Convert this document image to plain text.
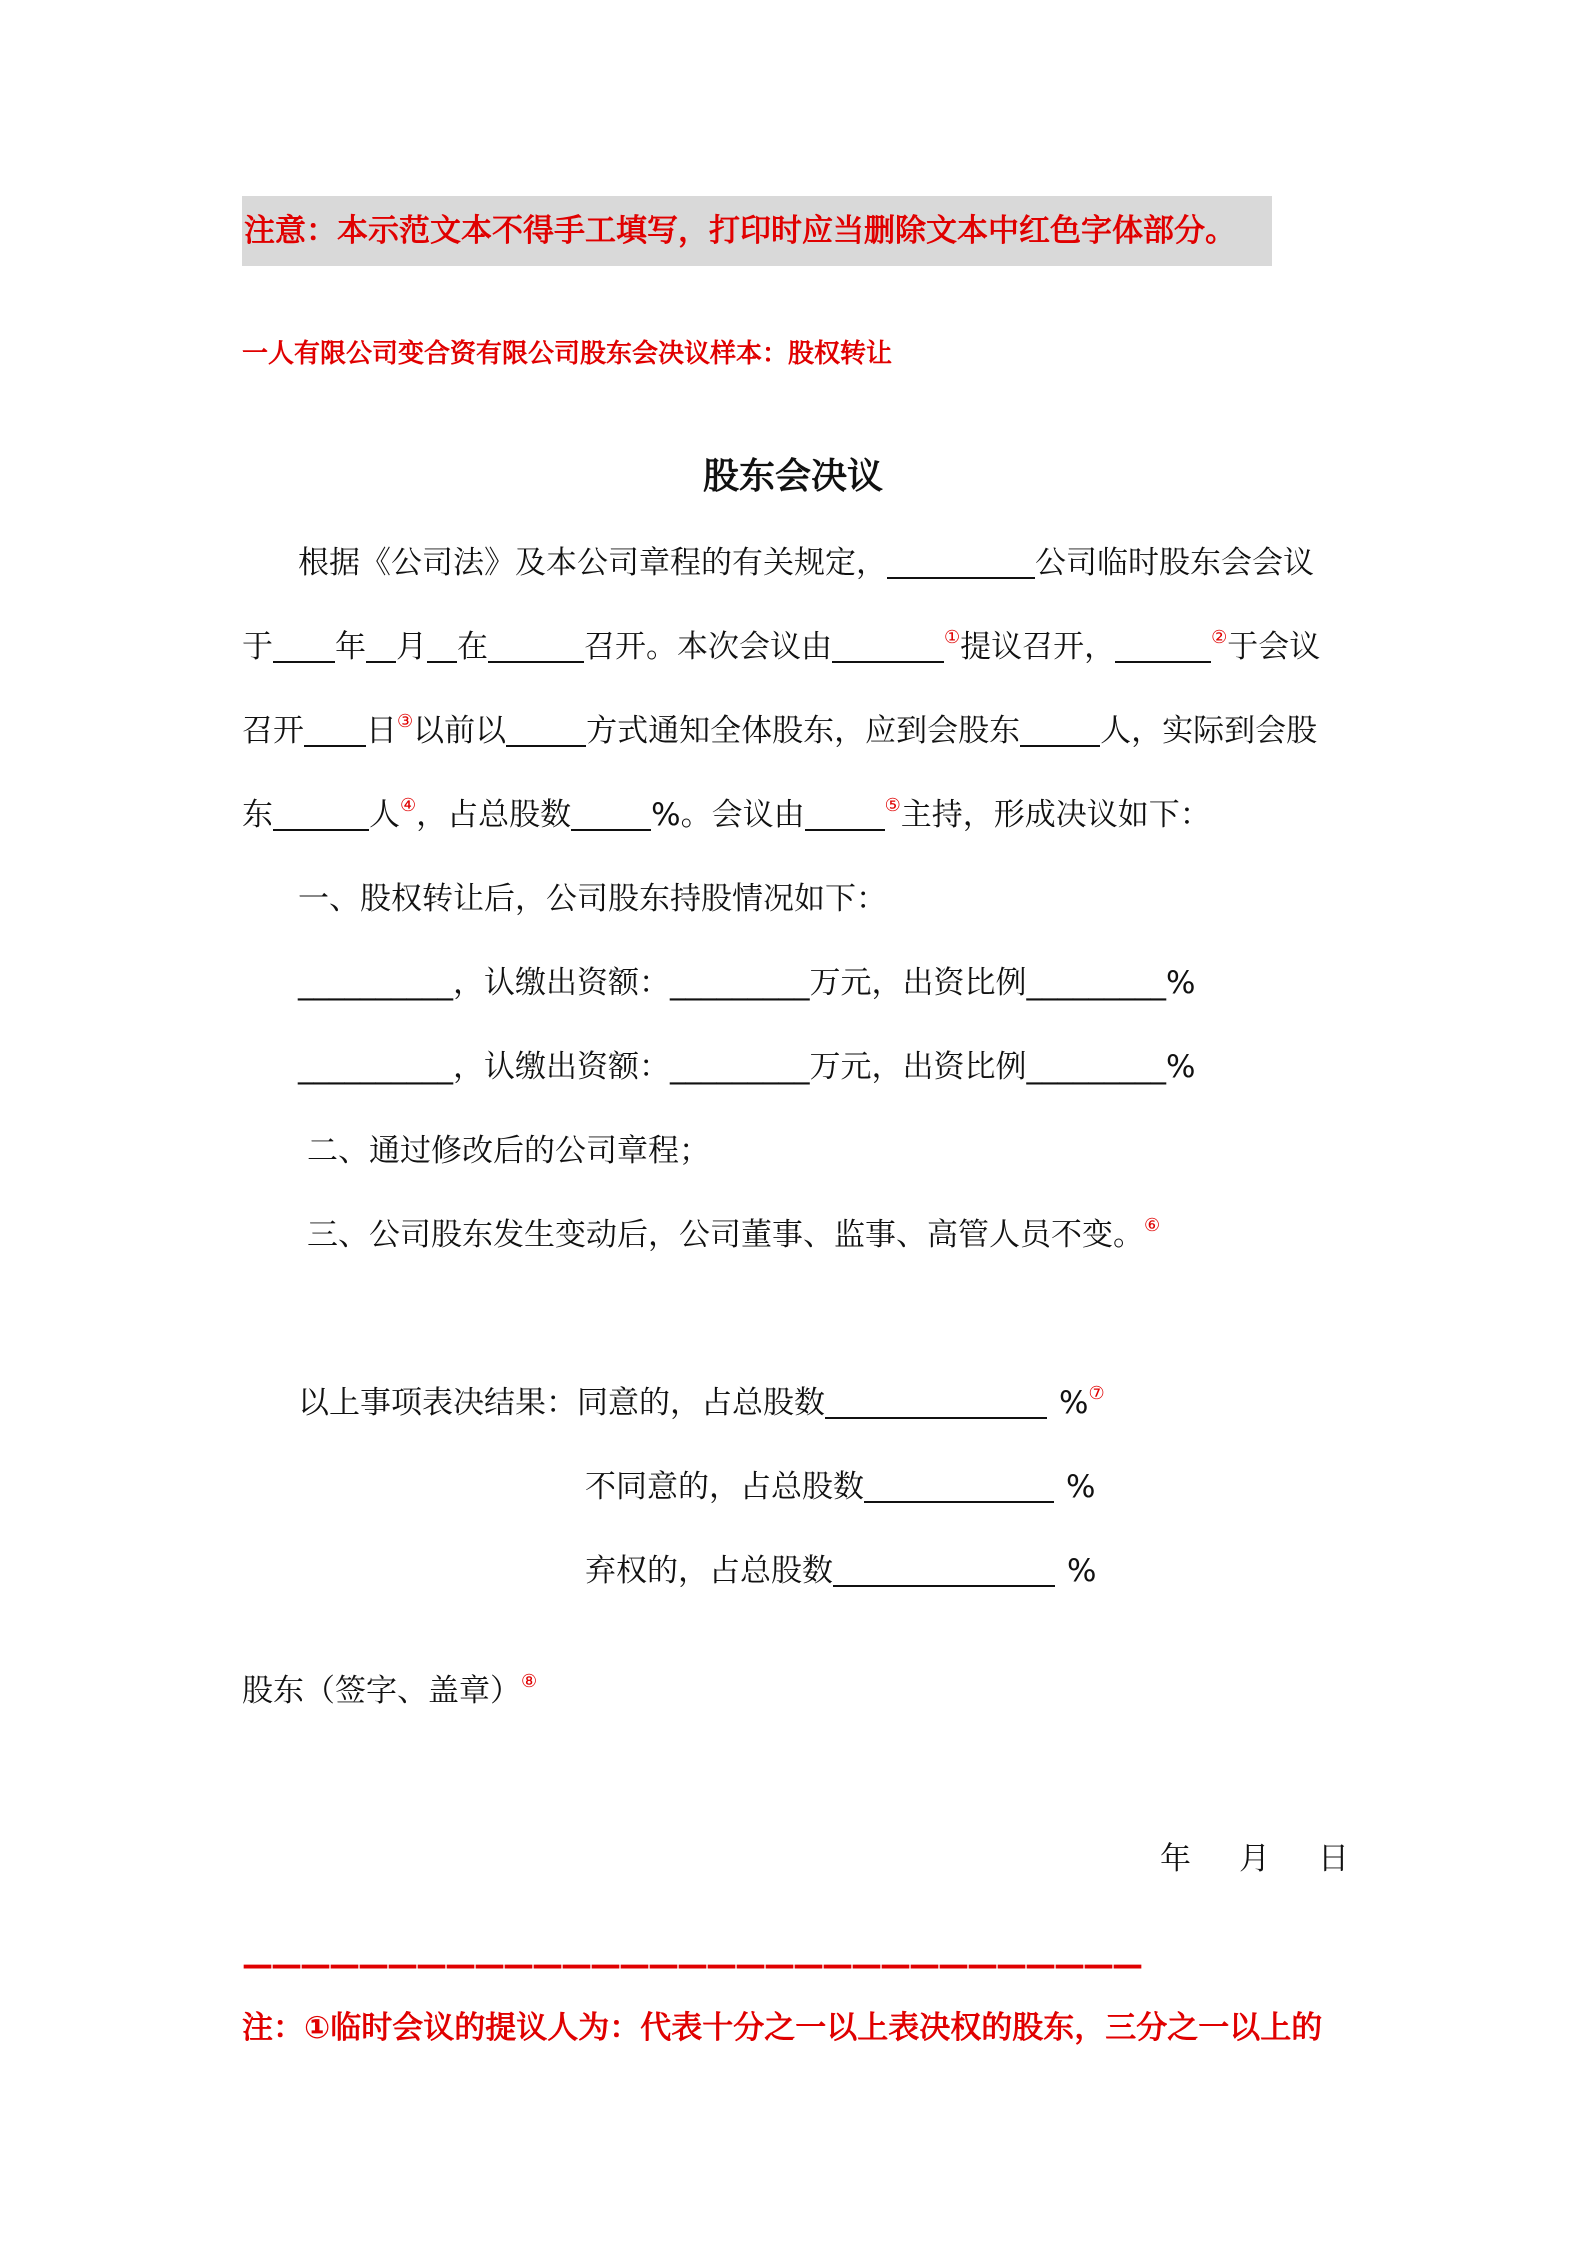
注意：本示范文本不得手工填写，打印时应当删除文本中红色字体部分。
一人有限公司变合资有限公司股东会决议样本：股权转让
股东会决议
根据《公司法》及本公司章程的有关规定，	公司临时股东会会议
于 年 月 在	召开。本次会议由	①提议召开，	②于会议
召开 日③以前以	方式通知全体股东，应到会股东	人，实际到会股
东	人④，占总股数	%。会议由	⑤主持，形成决议如下：
一、股权转让后，公司股东持股情况如下：
__________，认缴出资额：_________万元，出资比例_________%
__________，认缴出资额：_________万元，出资比例_________%
二、通过修改后的公司章程；
三、公司股东发生变动后，公司董事、监事、高管人员不变。⑥
以上事项表决结果：同意的，占总股数	%⑦
不同意的，占总股数	%
弃权的，占总股数	%
股东（签字、盖章）⑧
年 月 日
———————————————————————————————
注：①临时会议的提议人为：代表十分之一以上表决权的股东，三分之一以上的
